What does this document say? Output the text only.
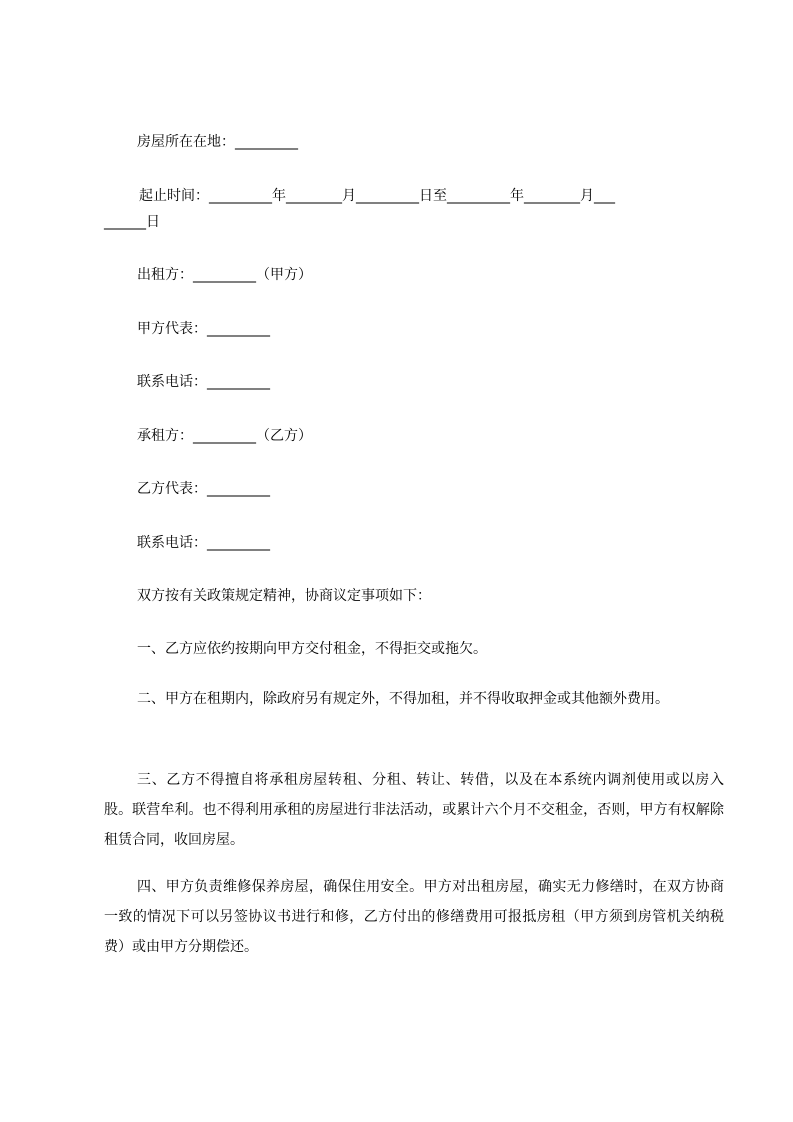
房屋所在在地：_________
起止时间：_________年________月_________日至_________年________月___
______日
出租方：_________（甲方）
甲方代表：_________
联系电话：_________
承租方：_________（乙方）
乙方代表：_________
联系电话：_________
双方按有关政策规定精神，协商议定事项如下：
一、乙方应依约按期向甲方交付租金，不得拒交或拖欠。
二、甲方在租期内，除政府另有规定外，不得加租，并不得收取押金或其他额外费用。
三、乙方不得擅自将承租房屋转租、分租、转让、转借，以及在本系统内调剂使用或以房入股。联营牟利。也不得利用承租的房屋进行非法活动，或累计六个月不交租金，否则，甲方有权解除租赁合同，收回房屋。
四、甲方负责维修保养房屋，确保住用安全。甲方对出租房屋，确实无力修缮时，在双方协商一致的情况下可以另签协议书进行和修，乙方付出的修缮费用可报抵房租（甲方须到房管机关纳税费）或由甲方分期偿还。
